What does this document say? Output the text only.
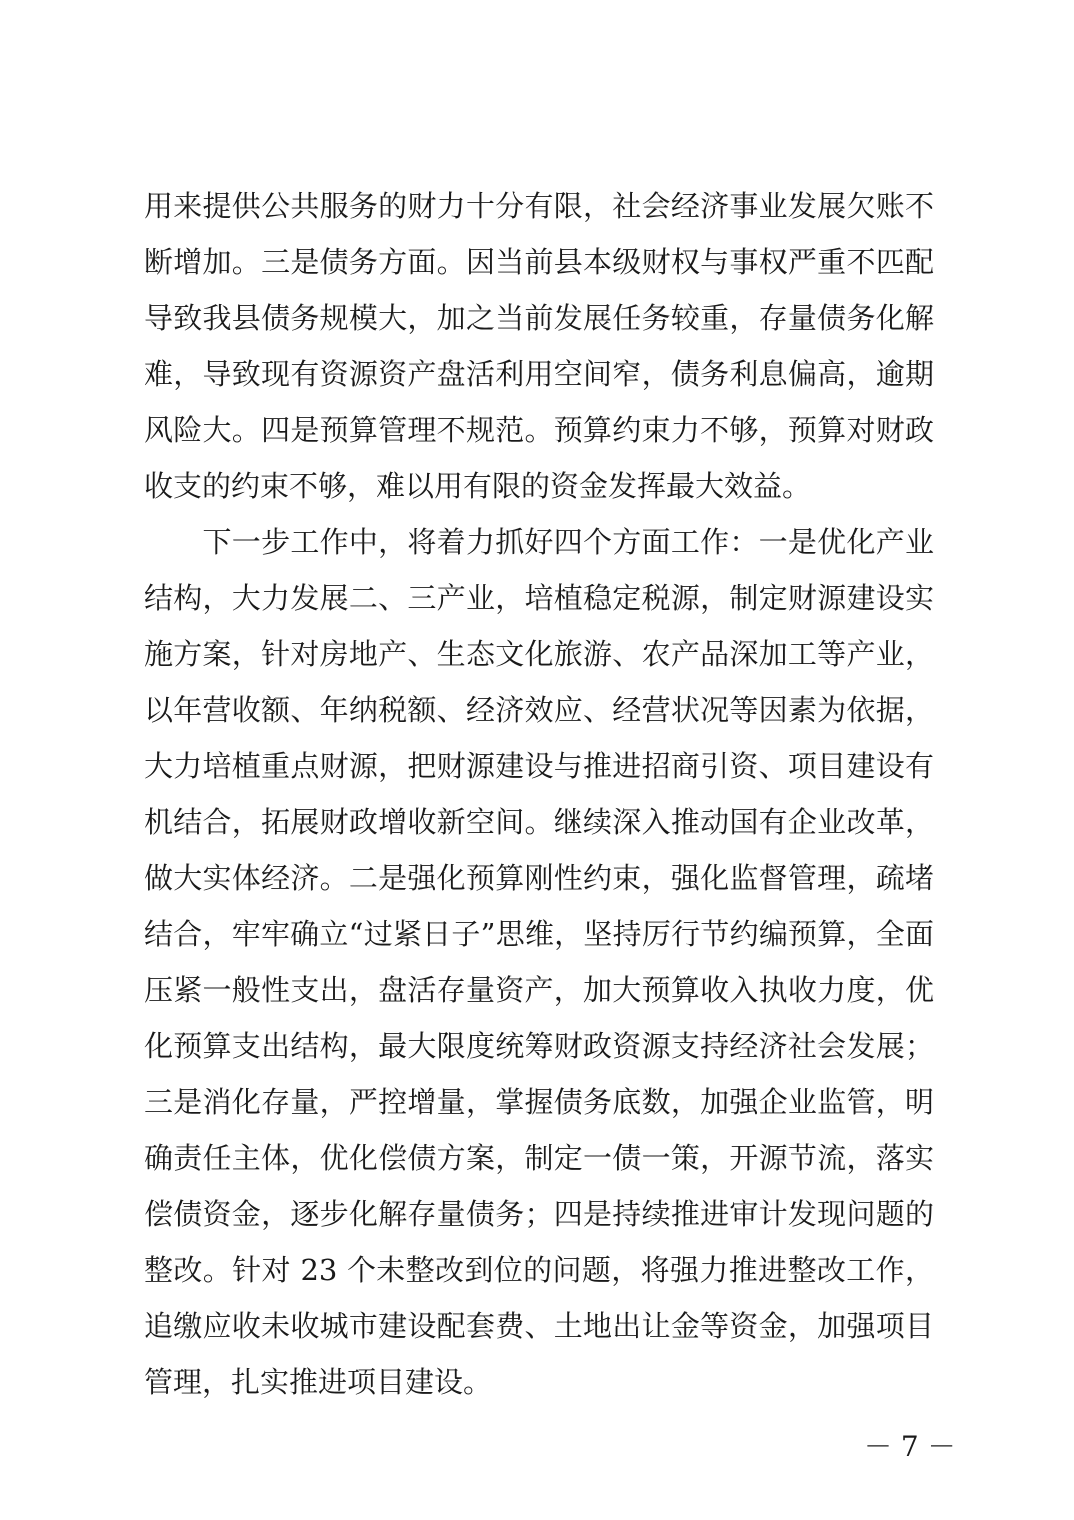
用来提供公共服务的财力十分有限，社会经济事业发展欠账不
断增加。三是债务方面。因当前县本级财权与事权严重不匹配
导致我县债务规模大，加之当前发展任务较重，存量债务化解
难，导致现有资源资产盘活利用空间窄，债务利息偏高，逾期
风险大。四是预算管理不规范。预算约束力不够，预算对财政
收支的约束不够，难以用有限的资金发挥最大效益。
　　下一步工作中，将着力抓好四个方面工作：一是优化产业
结构，大力发展二、三产业，培植稳定税源，制定财源建设实
施方案，针对房地产、生态文化旅游、农产品深加工等产业，
以年营收额、年纳税额、经济效应、经营状况等因素为依据，
大力培植重点财源，把财源建设与推进招商引资、项目建设有
机结合，拓展财政增收新空间。继续深入推动国有企业改革，
做大实体经济。二是强化预算刚性约束，强化监督管理，疏堵
结合，牢牢确立“过紧日子”思维，坚持厉行节约编预算，全面
压紧一般性支出，盘活存量资产，加大预算收入执收力度，优
化预算支出结构，最大限度统筹财政资源支持经济社会发展；
三是消化存量，严控增量，掌握债务底数，加强企业监管，明
确责任主体，优化偿债方案，制定一债一策，开源节流，落实
偿债资金，逐步化解存量债务；四是持续推进审计发现问题的
整改。针对 23 个未整改到位的问题，将强力推进整改工作，
追缴应收未收城市建设配套费、土地出让金等资金，加强项目
管理，扎实推进项目建设。
－ 7 －
